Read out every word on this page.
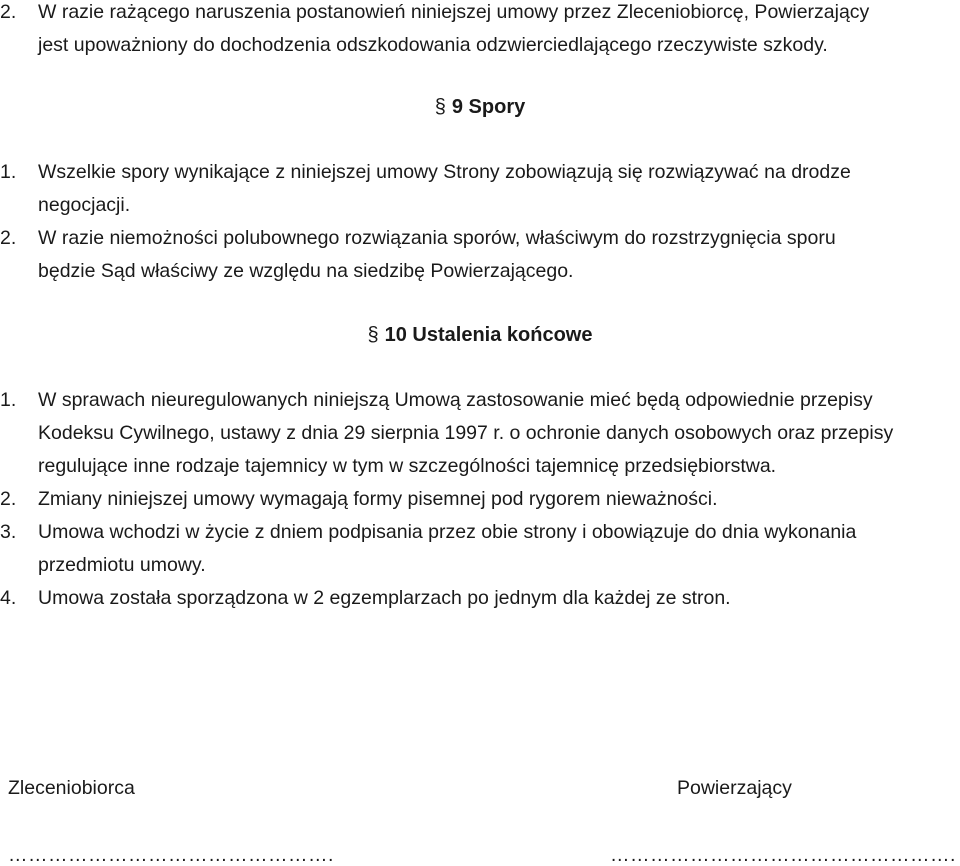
2.	W razie rażącego naruszenia postanowień niniejszej umowy przez Zleceniobiorcę, Powierzający
jest upoważniony do dochodzenia odszkodowania odzwierciedlającego rzeczywiste szkody.
§ 9 Spory
1.	Wszelkie spory wynikające z niniejszej umowy Strony zobowiązują się rozwiązywać na drodze
negocjacji.
2.	W razie niemożności polubownego rozwiązania sporów, właściwym do rozstrzygnięcia sporu
będzie Sąd właściwy ze względu na siedzibę Powierzającego.
§ 10 Ustalenia końcowe
1.	W sprawach nieuregulowanych niniejszą Umową zastosowanie mieć będą odpowiednie przepisy
Kodeksu Cywilnego, ustawy z dnia 29 sierpnia 1997 r. o ochronie danych osobowych oraz przepisy
regulujące inne rodzaje tajemnicy w tym w szczególności tajemnicę przedsiębiorstwa.
2.	Zmiany niniejszej umowy wymagają formy pisemnej pod rygorem nieważności.
3.	Umowa wchodzi w życie z dniem podpisania przez obie strony i obowiązuje do dnia wykonania
przedmiotu umowy.
4.	Umowa została sporządzona w 2 egzemplarzach po jednym dla każdej ze stron.
Zleceniobiorca	Powierzający
………………………………………….	…………………………………………….
